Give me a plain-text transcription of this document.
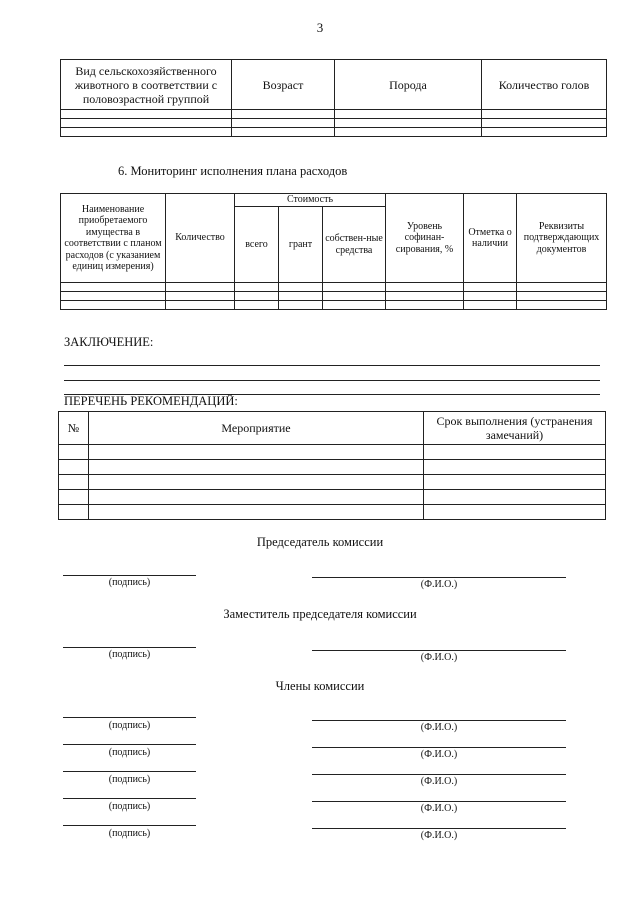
3
Вид сельскохозяйственного животного в соответствии с половозрастной группой	Возраст	Порода	Количество голов

6. Мониторинг исполнения плана расходов
Наименование приобретаемого имущества в соответствии с планом расходов (с указанием единиц измерения)	Количество	Стоимость			Уровень софинан-сирования, %	Отметка о наличии	Реквизиты подтверждающих документов
		всего	грант	собствен-ные средства			

ЗАКЛЮЧЕНИЕ:
ПЕРЕЧЕНЬ РЕКОМЕНДАЦИЙ:
№	Мероприятие	Срок выполнения (устранения замечаний)

Председатель комиссии
(подпись)	(Ф.И.О.)
Заместитель председателя комиссии
(подпись)	(Ф.И.О.)
Члены комиссии
(подпись)	(Ф.И.О.)
(подпись)	(Ф.И.О.)
(подпись)	(Ф.И.О.)
(подпись)	(Ф.И.О.)
(подпись)	(Ф.И.О.)
